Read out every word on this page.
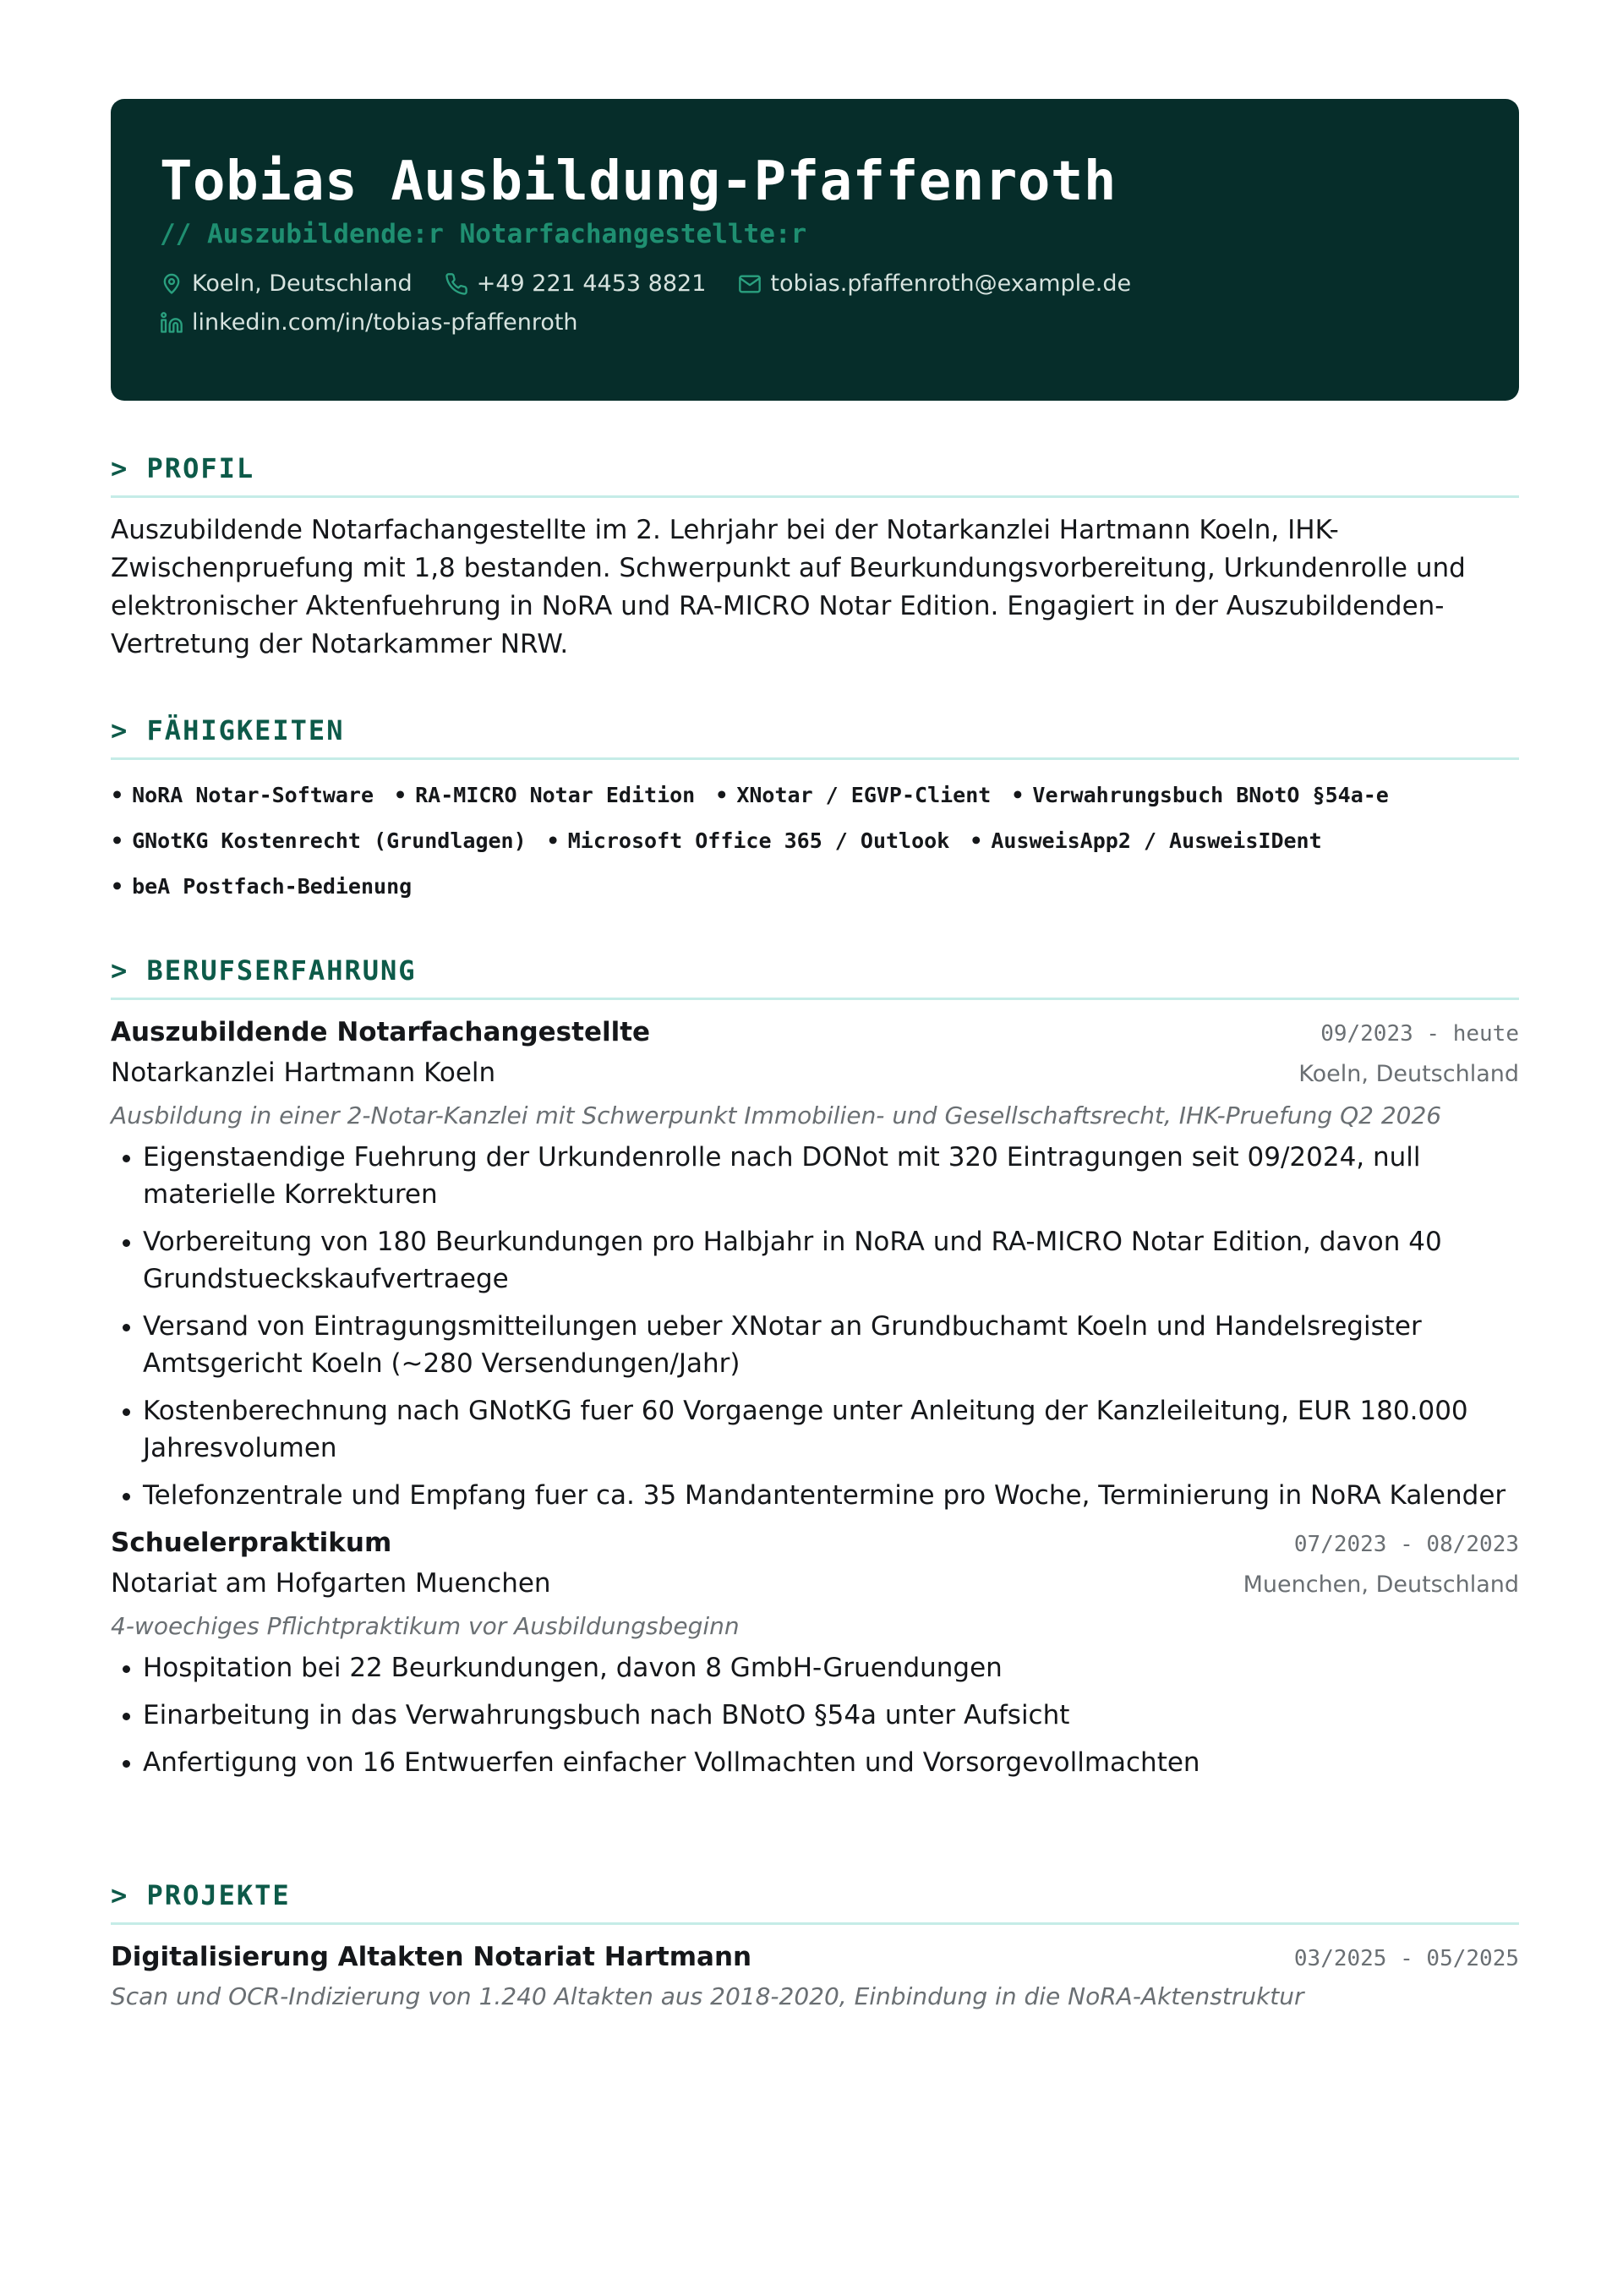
Tobias Ausbildung-Pfaffenroth
// Auszubildende:r Notarfachangestellte:r
Koeln, Deutschland	+49 221 4453 8821	tobias.pfaffenroth@example.de
linkedin.com/in/tobias-pfaffenroth
> PROFIL
Auszubildende Notarfachangestellte im 2. Lehrjahr bei der Notarkanzlei Hartmann Koeln, IHK-Zwischenpruefung mit 1,8 bestanden. Schwerpunkt auf Beurkundungsvorbereitung, Urkundenrolle und elektronischer Aktenfuehrung in NoRA und RA-MICRO Notar Edition. Engagiert in der Auszubildenden-Vertretung der Notarkammer NRW.
> FÄHIGKEITEN
• NoRA Notar-Software • RA-MICRO Notar Edition • XNotar / EGVP-Client • Verwahrungsbuch BNotO §54a-e
• GNotKG Kostenrecht (Grundlagen) • Microsoft Office 365 / Outlook • AusweisApp2 / AusweisIDent
• beA Postfach-Bedienung
> BERUFSERFAHRUNG
Auszubildende Notarfachangestellte	09/2023 - heute
Notarkanzlei Hartmann Koeln	Koeln, Deutschland
Ausbildung in einer 2-Notar-Kanzlei mit Schwerpunkt Immobilien- und Gesellschaftsrecht, IHK-Pruefung Q2 2026
• Eigenstaendige Fuehrung der Urkundenrolle nach DONot mit 320 Eintragungen seit 09/2024, null materielle Korrekturen
• Vorbereitung von 180 Beurkundungen pro Halbjahr in NoRA und RA-MICRO Notar Edition, davon 40 Grundstueckskaufvertraege
• Versand von Eintragungsmitteilungen ueber XNotar an Grundbuchamt Koeln und Handelsregister Amtsgericht Koeln (~280 Versendungen/Jahr)
• Kostenberechnung nach GNotKG fuer 60 Vorgaenge unter Anleitung der Kanzleileitung, EUR 180.000 Jahresvolumen
• Telefonzentrale und Empfang fuer ca. 35 Mandantentermine pro Woche, Terminierung in NoRA Kalender
Schuelerpraktikum	07/2023 - 08/2023
Notariat am Hofgarten Muenchen	Muenchen, Deutschland
4-woechiges Pflichtpraktikum vor Ausbildungsbeginn
• Hospitation bei 22 Beurkundungen, davon 8 GmbH-Gruendungen
• Einarbeitung in das Verwahrungsbuch nach BNotO §54a unter Aufsicht
• Anfertigung von 16 Entwuerfen einfacher Vollmachten und Vorsorgevollmachten
> PROJEKTE
Digitalisierung Altakten Notariat Hartmann	03/2025 - 05/2025
Scan und OCR-Indizierung von 1.240 Altakten aus 2018-2020, Einbindung in die NoRA-Aktenstruktur
